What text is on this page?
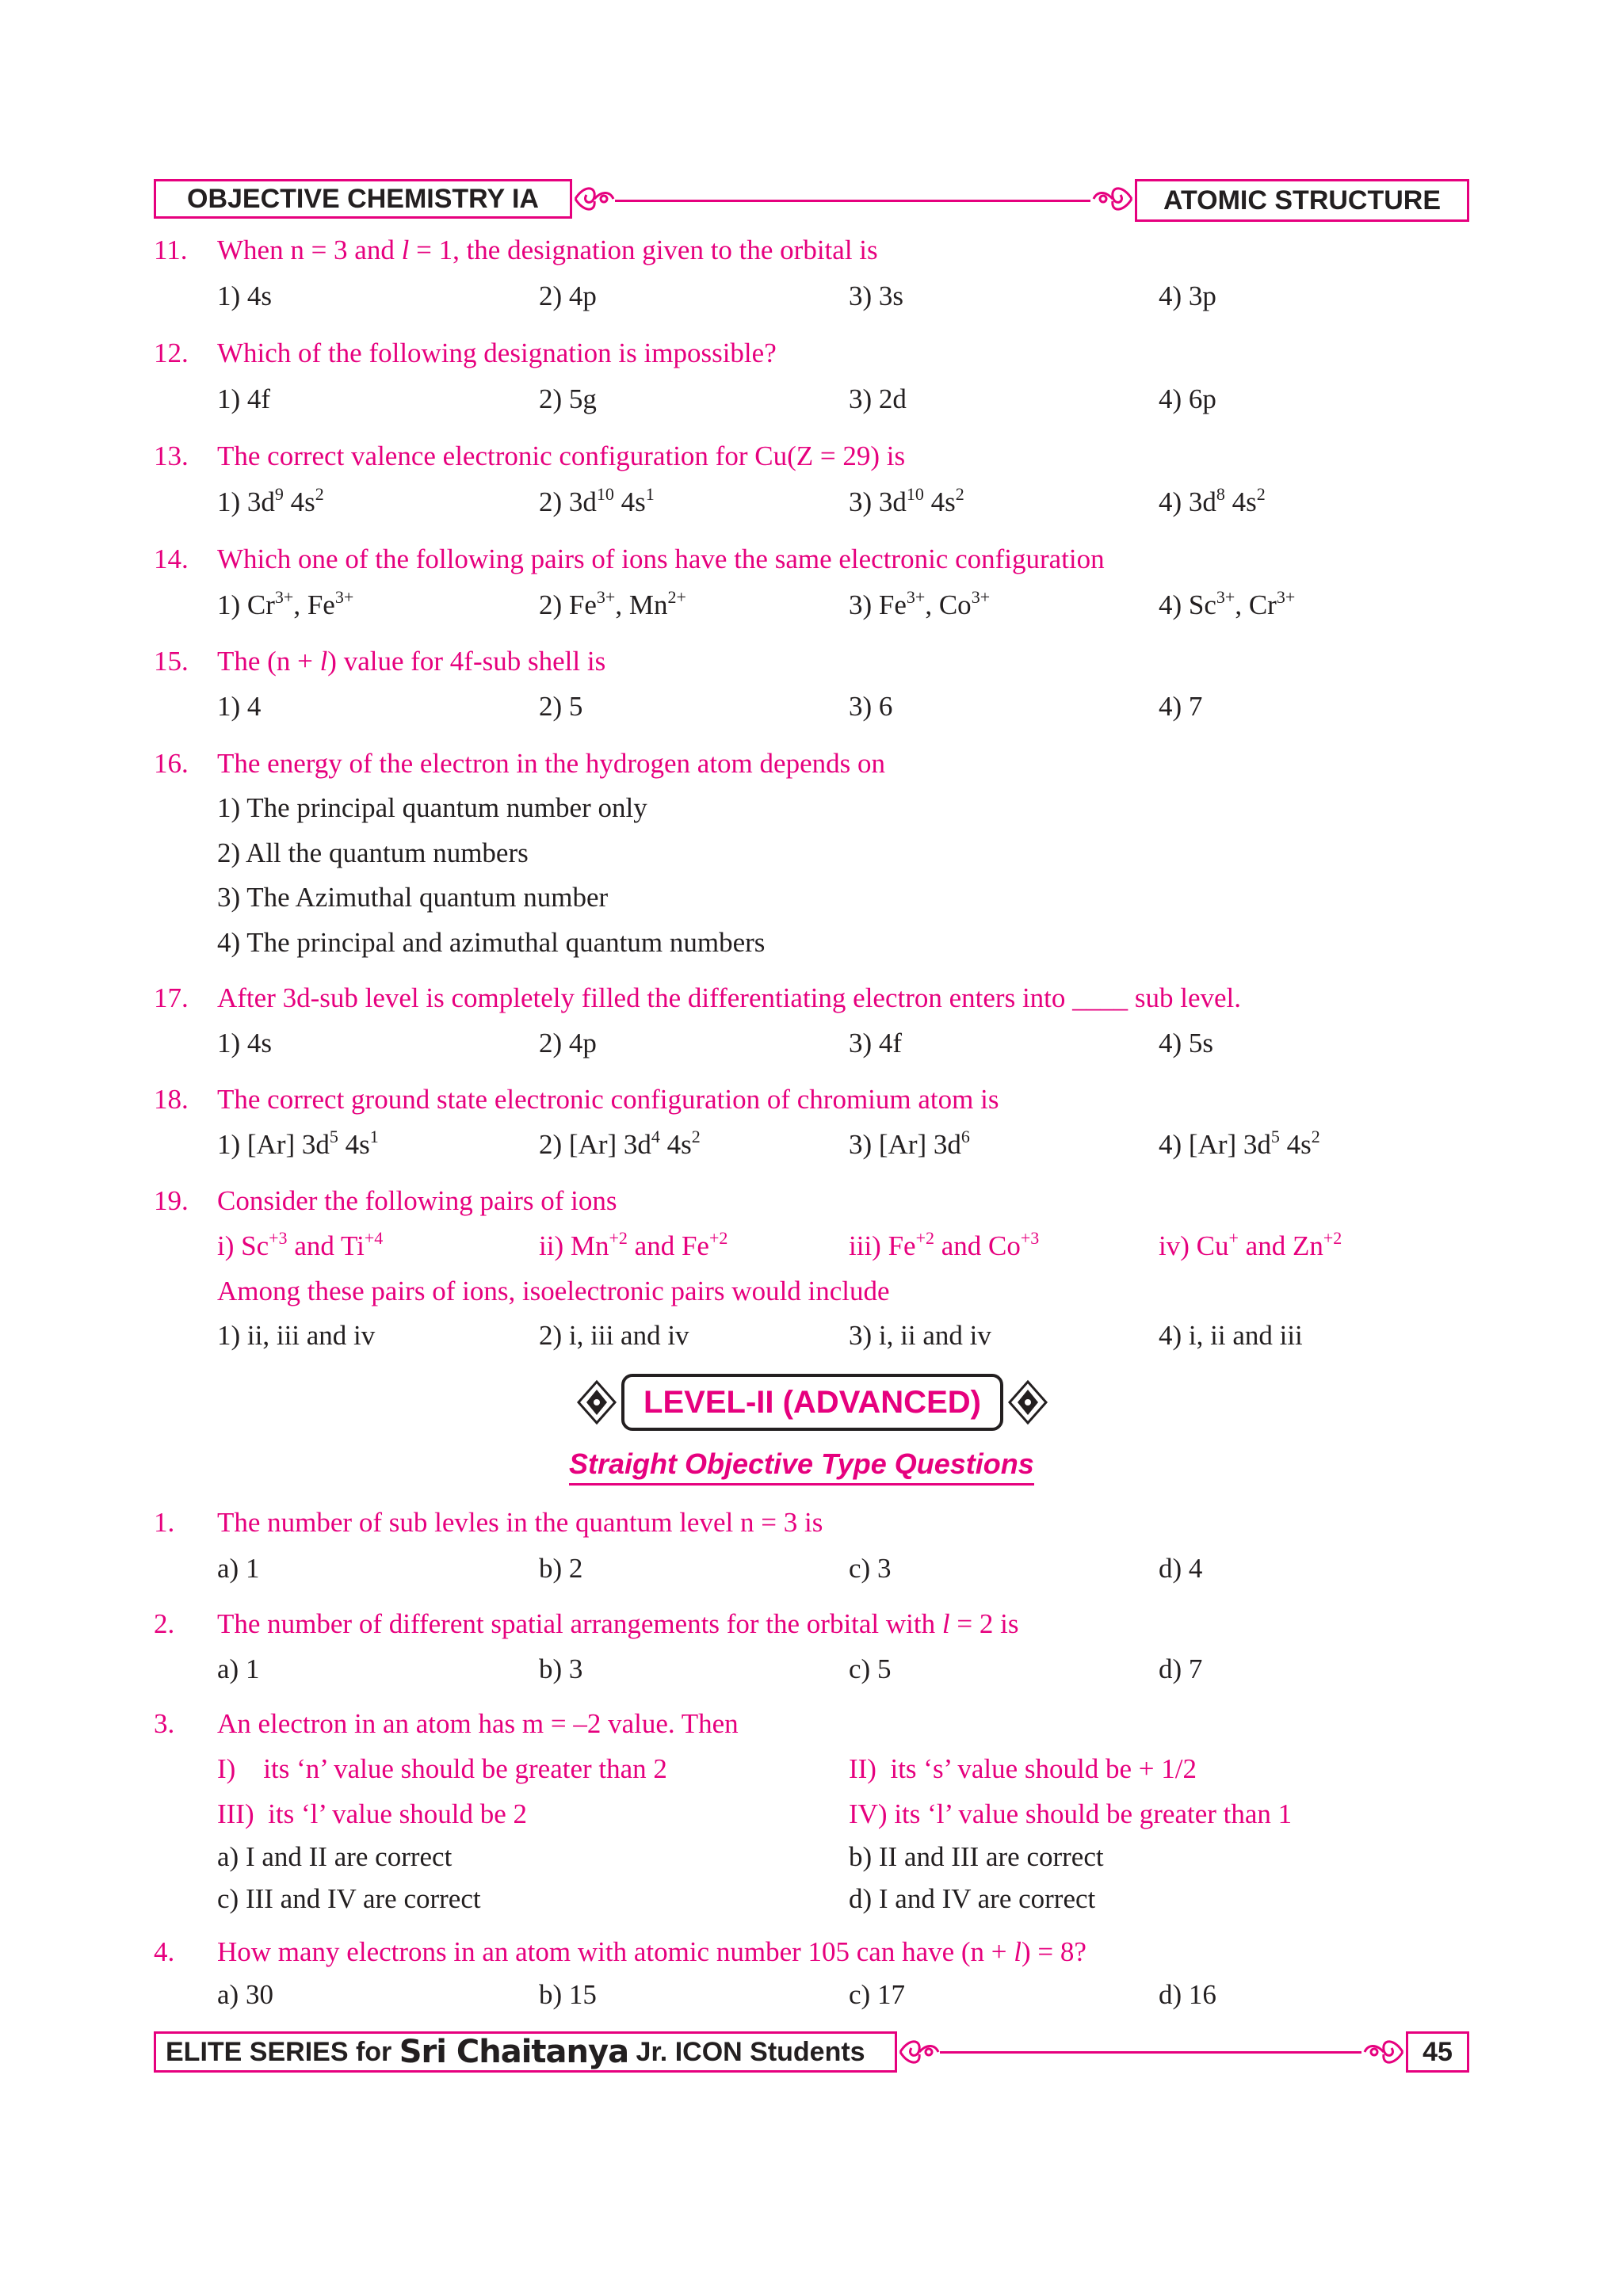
OBJECTIVE CHEMISTRY IA	ATOMIC STRUCTURE
11. When n = 3 and l = 1, the designation given to the orbital is
1) 4s	2) 4p	3) 3s	4) 3p
12. Which of the following designation is impossible?
1) 4f	2) 5g	3) 2d	4) 6p
13. The correct valence electronic configuration for Cu(Z = 29) is
1) $3d^9$ $4s^2$	2) $3d^{10}$ $4s^1$	3) $3d^{10}$ $4s^2$	4) $3d^8$ $4s^2$
14. Which one of the following pairs of ions have the same electronic configuration
1) $Cr^{3+}$, $Fe^{3+}$	2) $Fe^{3+}$, $Mn^{2+}$	3) $Fe^{3+}$, $Co^{3+}$	4) $Sc^{3+}$, $Cr^{3+}$
15. The (n + l) value for 4f-sub shell is
1) 4	2) 5	3) 6	4) 7
16. The energy of the electron in the hydrogen atom depends on
1) The principal quantum number only
2) All the quantum numbers
3) The Azimuthal quantum number
4) The principal and azimuthal quantum numbers
17. After 3d-sub level is completely filled the differentiating electron enters into ____ sub level.
1) 4s	2) 4p	3) 4f	4) 5s
18. The correct ground state electronic configuration of chromium atom is
1) [Ar] $3d^5$ $4s^1$	2) [Ar] $3d^4$ $4s^2$	3) [Ar] $3d^6$	4) [Ar] $3d^5$ $4s^2$
19. Consider the following pairs of ions
i) $Sc^{+3}$ and $Ti^{+4}$	ii) $Mn^{+2}$ and $Fe^{+2}$	iii) $Fe^{+2}$ and $Co^{+3}$	iv) Cu+ and $Zn^{+2}$
Among these pairs of ions, isoelectronic pairs would include
1) ii, iii and iv	2) i, iii and iv	3) i, ii and iv	4) i, ii and iii
LEVEL-II (ADVANCED)
Straight Objective Type Questions
1. The number of sub levles in the quantum level n = 3 is
a) 1	b) 2	c) 3	d) 4
2. The number of different spatial arrangements for the orbital with l = 2 is
a) 1	b) 3	c) 5	d) 7
3. An electron in an atom has m = –2 value. Then
I)    its ‘n’ value should be greater than 2	II)  its ‘s’ value should be + 1/2
III)  its ‘l’ value should be 2	IV) its ‘l’ value should be greater than 1
a) I and II are correct	b) II and III are correct
c) III and IV are correct	d) I and IV are correct
4. How many electrons in an atom with atomic number 105 can have (n + l) = 8?
a) 30	b) 15	c) 17	d) 16
ELITE SERIES for Sri Chaitanya Jr. ICON Students	45
